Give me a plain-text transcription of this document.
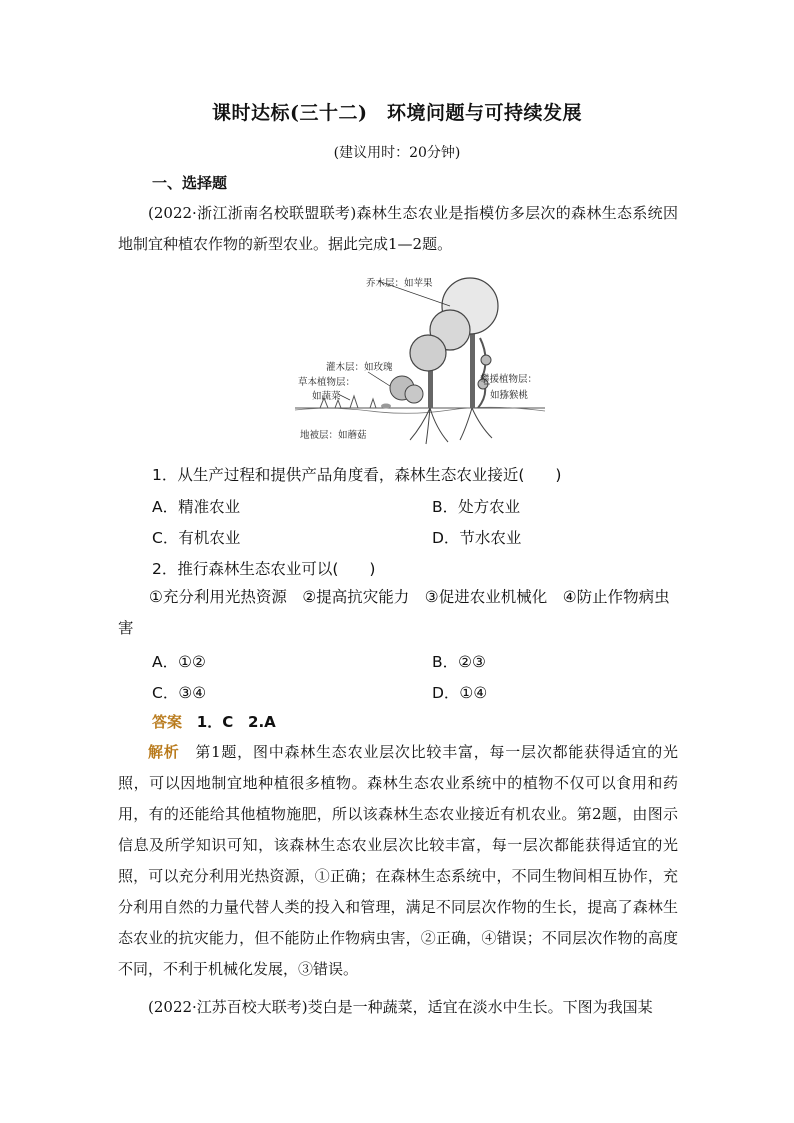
课时达标(三十二)　环境问题与可持续发展
(建议用时：20分钟)
一、选择题

(2022·浙江浙南名校联盟联考)森林生态农业是指模仿多层次的森林生态系统因地制宜种植农作物的新型农业。据此完成1—2题。

乔木层：如苹果
灌木层：如玫瑰
草本植物层：
如蔬菜
攀援植物层：
如猕猴桃
地被层：如蘑菇
1．从生产过程和提供产品角度看，森林生态农业接近(　　)
A．精准农业	B．处方农业
C．有机农业	D．节水农业
2．推行森林生态农业可以(　　)

①充分利用光热资源　②提高抗灾能力　③促进农业机械化　④防止作物病虫害

A．①②	B．②③
C．③④	D．①④
答案 1．C 2.A

解析　 第1题，图中森林生态农业层次比较丰富，每一层次都能获得适宜的光照，可以因地制宜地种植很多植物。森林生态农业系统中的植物不仅可以食用和药用，有的还能给其他植物施肥，所以该森林生态农业接近有机农业。第2题，由图示信息及所学知识可知，该森林生态农业层次比较丰富，每一层次都能获得适宜的光照，可以充分利用光热资源，①正确；在森林生态系统中，不同生物间相互协作，充分利用自然的力量代替人类的投入和管理，满足不同层次作物的生长，提高了森林生态农业的抗灾能力，但不能防止作物病虫害，②正确，④错误；不同层次作物的高度不同，不利于机械化发展，③错误。

(2022·江苏百校大联考)茭白是一种蔬菜，适宜在淡水中生长。下图为我国某
